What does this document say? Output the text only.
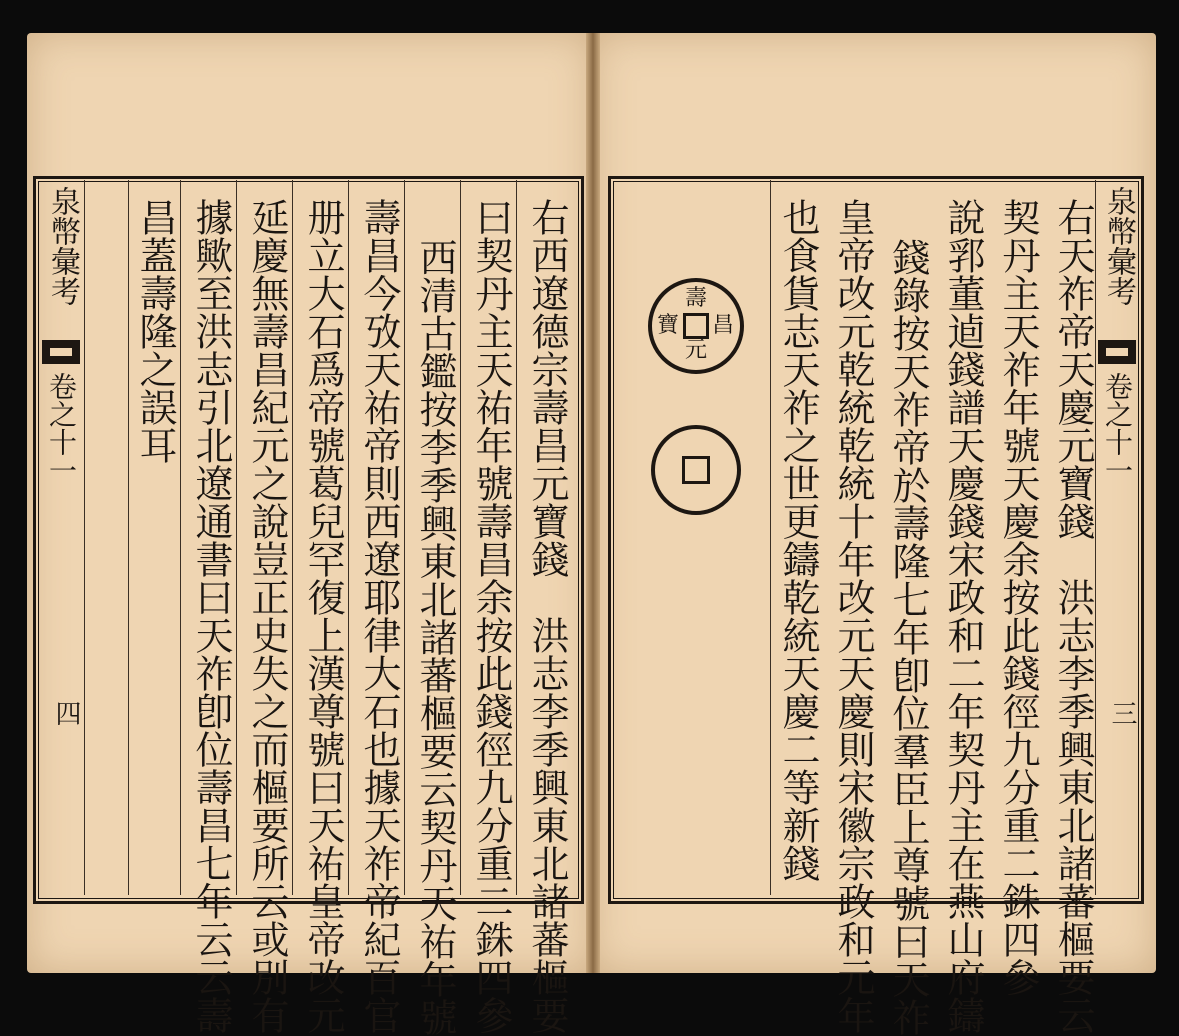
泉幣彙考
卷之十一
四	右西遼德宗壽昌元寶錢　洪志李季興東北諸蕃樞要
曰契丹主天祐年號壽昌余按此錢徑九分重二銖四參
西清古鑑按李季興東北諸蕃樞要云契丹天祐年號
壽昌今攷天祐帝則西遼耶律大石也據天祚帝紀百官
册立大石爲帝號葛兒罕復上漢尊號曰天祐皇帝改元
延慶無壽昌紀元之說豈正史失之而樞要所云或別有
據歟至洪志引北遼通書曰天祚卽位壽昌七年云云壽
昌蓋壽隆之誤耳	泉幣彙考
卷之十一
三
右天祚帝天慶元寶錢　洪志李季興東北諸蕃樞要云
契丹主天祚年號天慶余按此錢徑九分重二銖四參
說郛董逌錢譜天慶錢宋政和二年契丹主在燕山府鑄
錢錄按天祚帝於壽隆七年卽位羣臣上尊號曰天祚
皇帝改元乾統乾統十年改元天慶則宋徽宗政和元年
也食貨志天祚之世更鑄乾統天慶二等新錢
壽
昌
元
寶
